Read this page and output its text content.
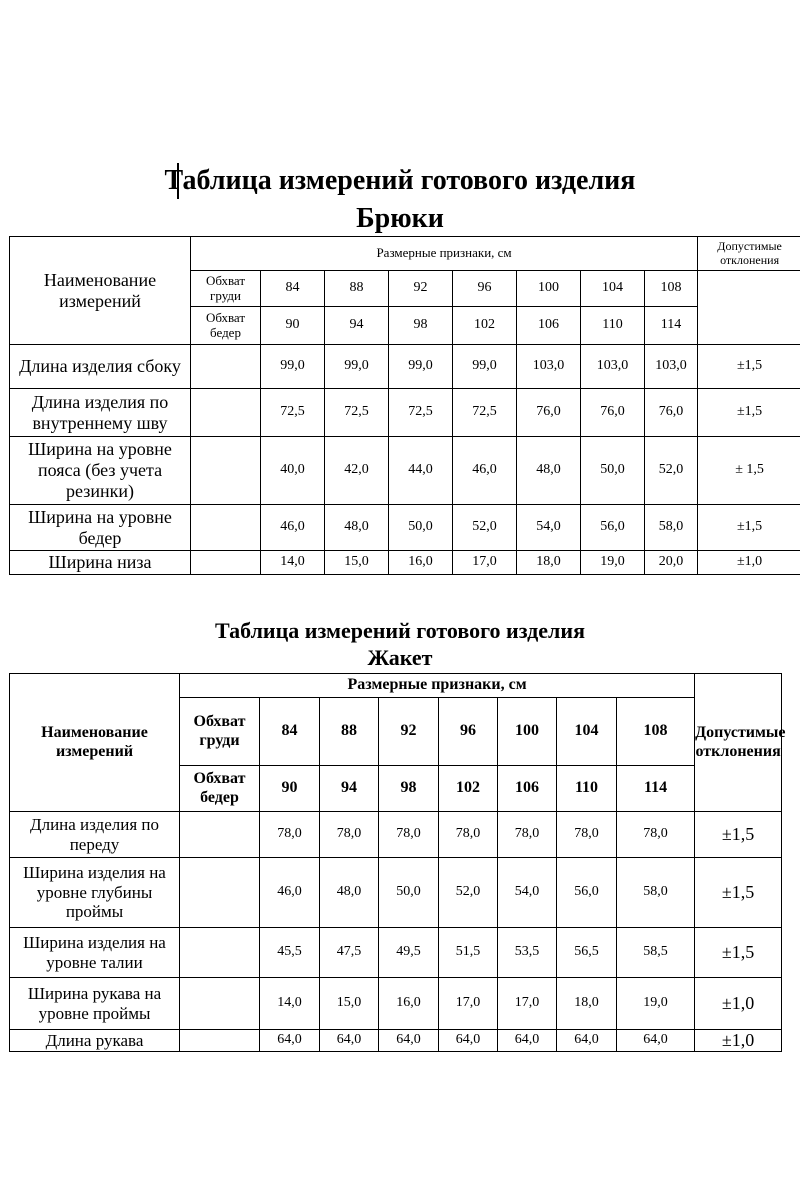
Таблица измерений готового изделия
Брюки
Наименование измерений	Размерные признаки, см								Допустимые отклонения
	Обхват груди	84	88	92	96	100	104	108	
	Обхват бедер	90	94	98	102	106	110	114	
Длина изделия сбоку		99,0	99,0	99,0	99,0	103,0	103,0	103,0	±1,5
Длина изделия по внутреннему шву		72,5	72,5	72,5	72,5	76,0	76,0	76,0	±1,5
Ширина на уровне пояса (без учета резинки)		40,0	42,0	44,0	46,0	48,0	50,0	52,0	± 1,5
Ширина на уровне бедер		46,0	48,0	50,0	52,0	54,0	56,0	58,0	±1,5
Ширина низа		14,0	15,0	16,0	17,0	18,0	19,0	20,0	±1,0
Таблица измерений готового изделия
Жакет
Наименование измерений	Размерные признаки, см								Допустимые отклонения
	Обхват груди	84	88	92	96	100	104	108	
	Обхват бедер	90	94	98	102	106	110	114	
Длина изделия по переду		78,0	78,0	78,0	78,0	78,0	78,0	78,0	±1,5
Ширина изделия на уровне глубины проймы		46,0	48,0	50,0	52,0	54,0	56,0	58,0	±1,5
Ширина изделия на уровне талии		45,5	47,5	49,5	51,5	53,5	56,5	58,5	±1,5
Ширина рукава на уровне проймы		14,0	15,0	16,0	17,0	17,0	18,0	19,0	±1,0
Длина рукава		64,0	64,0	64,0	64,0	64,0	64,0	64,0	±1,0
